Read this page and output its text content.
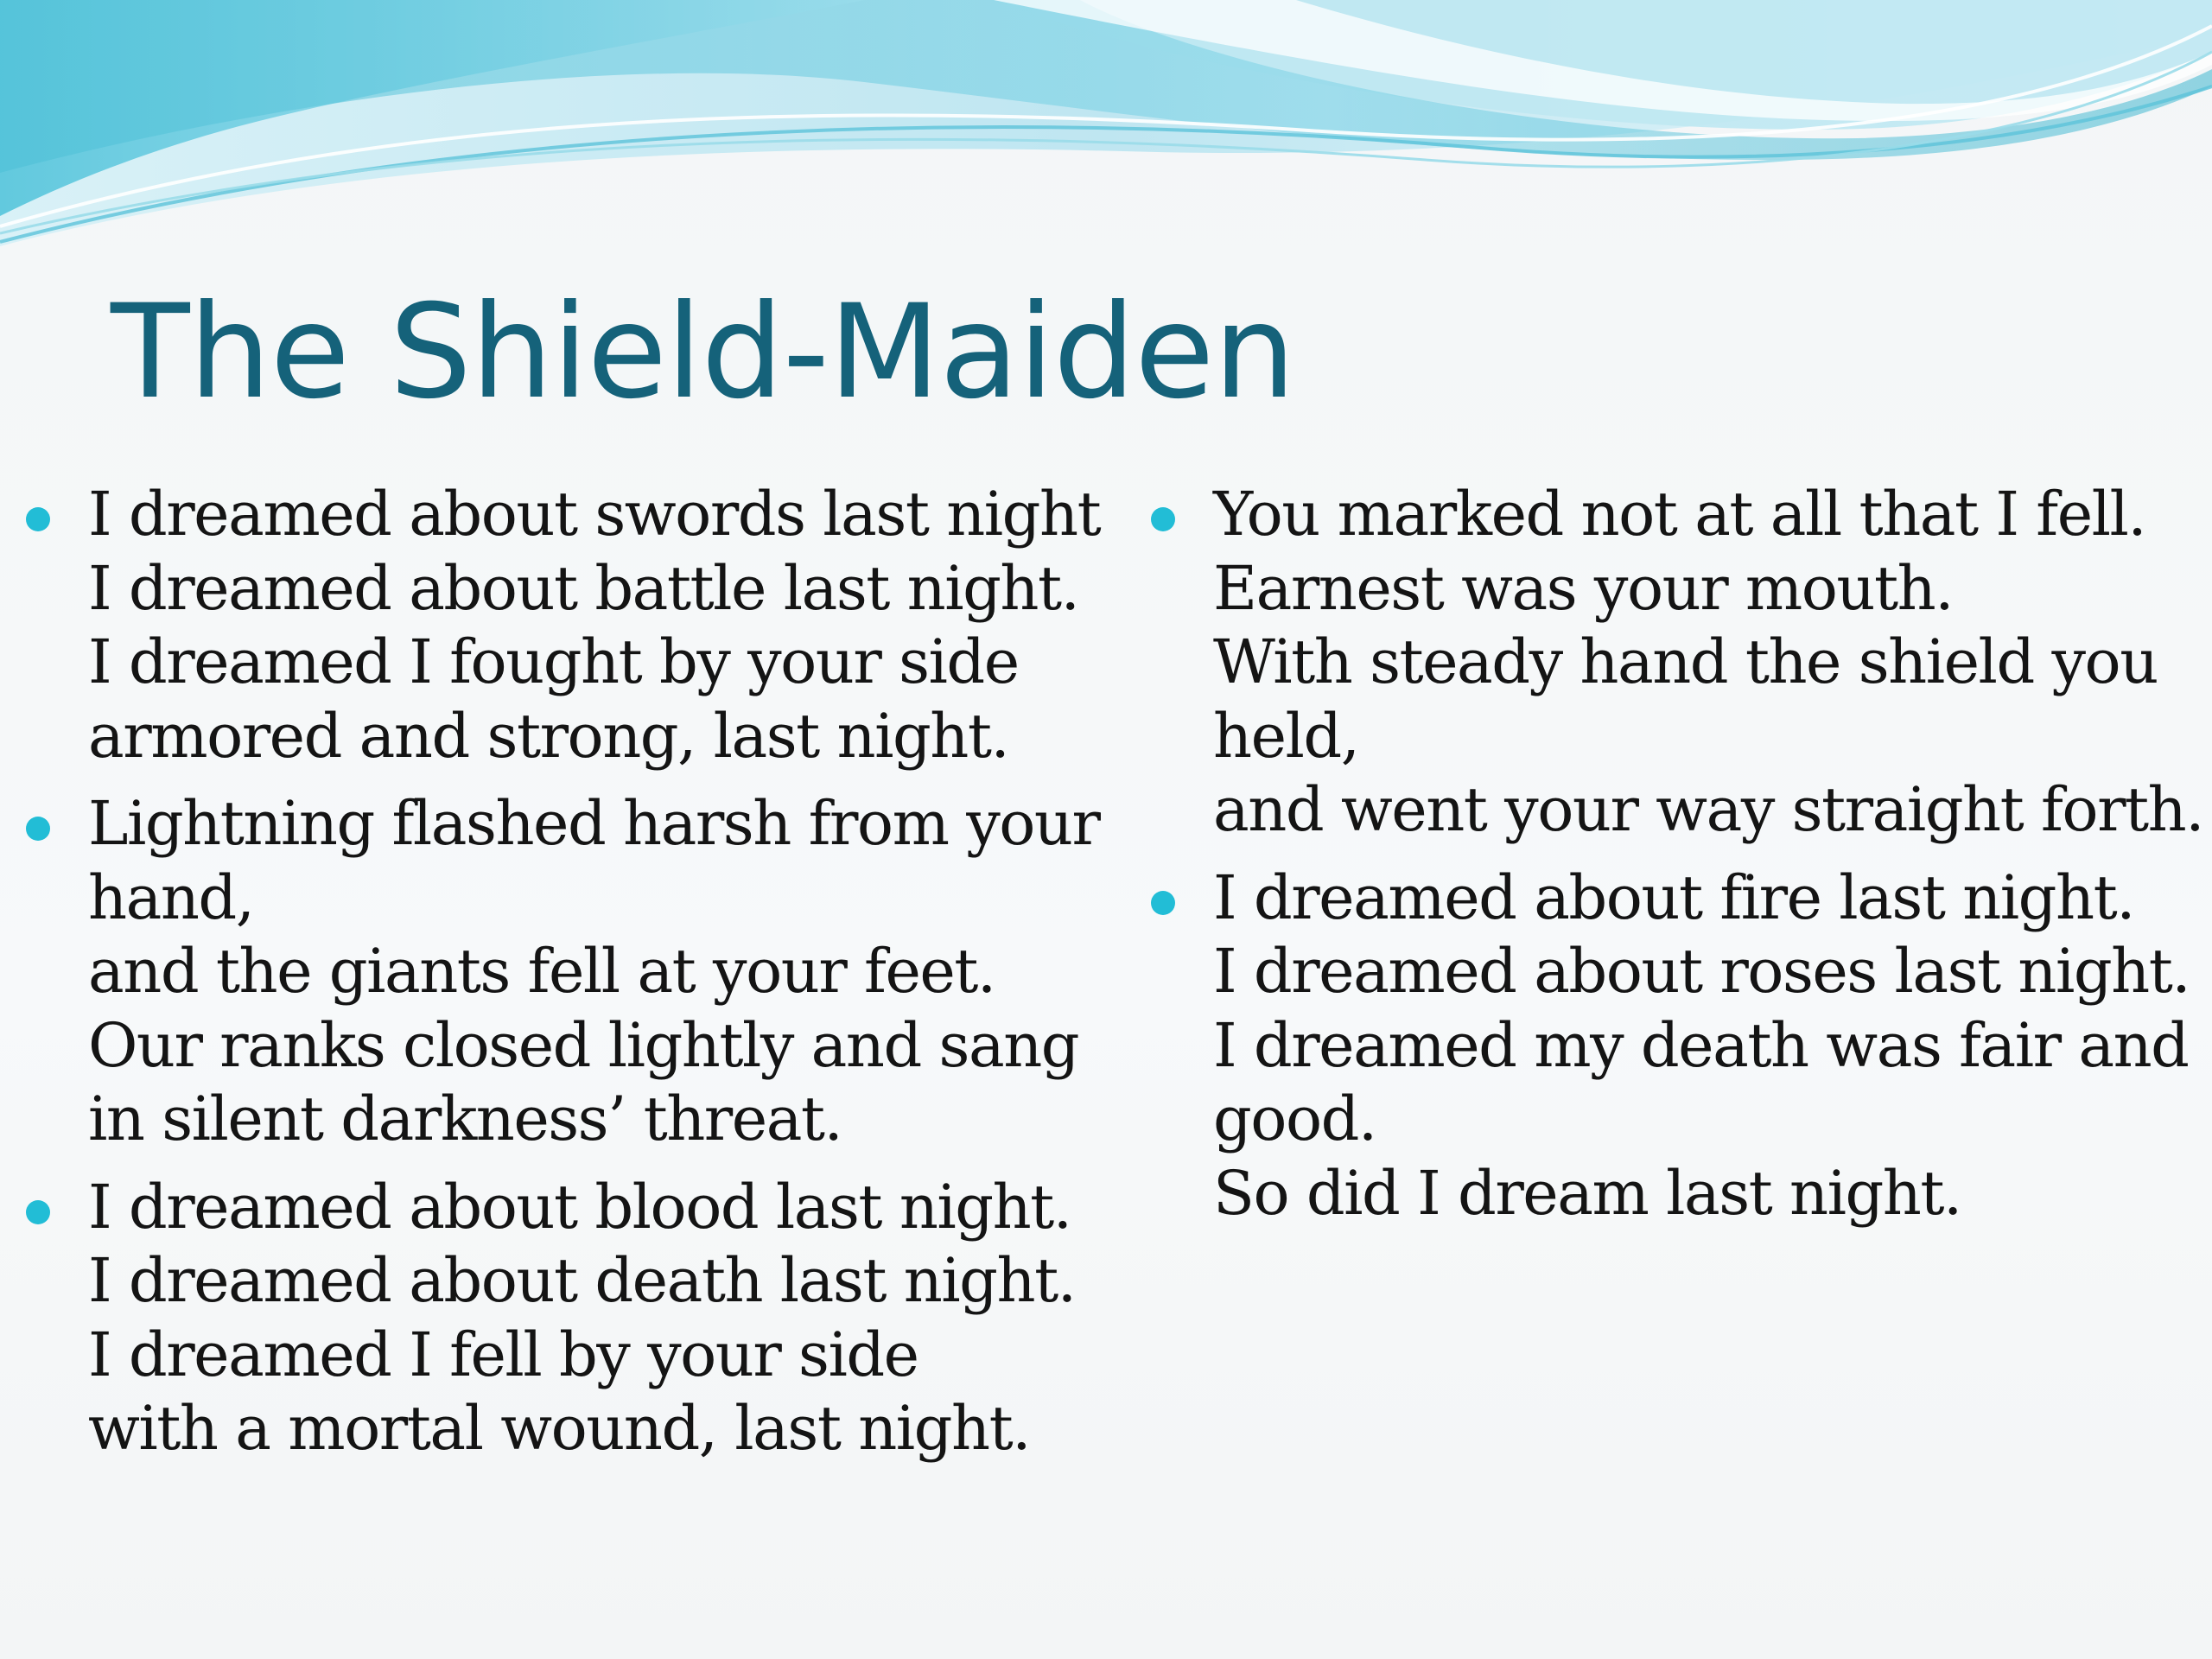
The Shield-Maiden
I dreamed about swords last night
I dreamed about battle last night.
I dreamed I fought by your side
armored and strong, last night.
Lightning flashed harsh from your
hand,
and the giants fell at your feet.
Our ranks closed lightly and sang
in silent darkness’ threat.
I dreamed about blood last night.
I dreamed about death last night.
I dreamed I fell by your side
with a mortal wound, last night.
You marked not at all that I fell.
Earnest was your mouth.
With steady hand the shield you
held,
and went your way straight forth.
I dreamed about fire last night.
I dreamed about roses last night.
I dreamed my death was fair and
good.
So did I dream last night.
